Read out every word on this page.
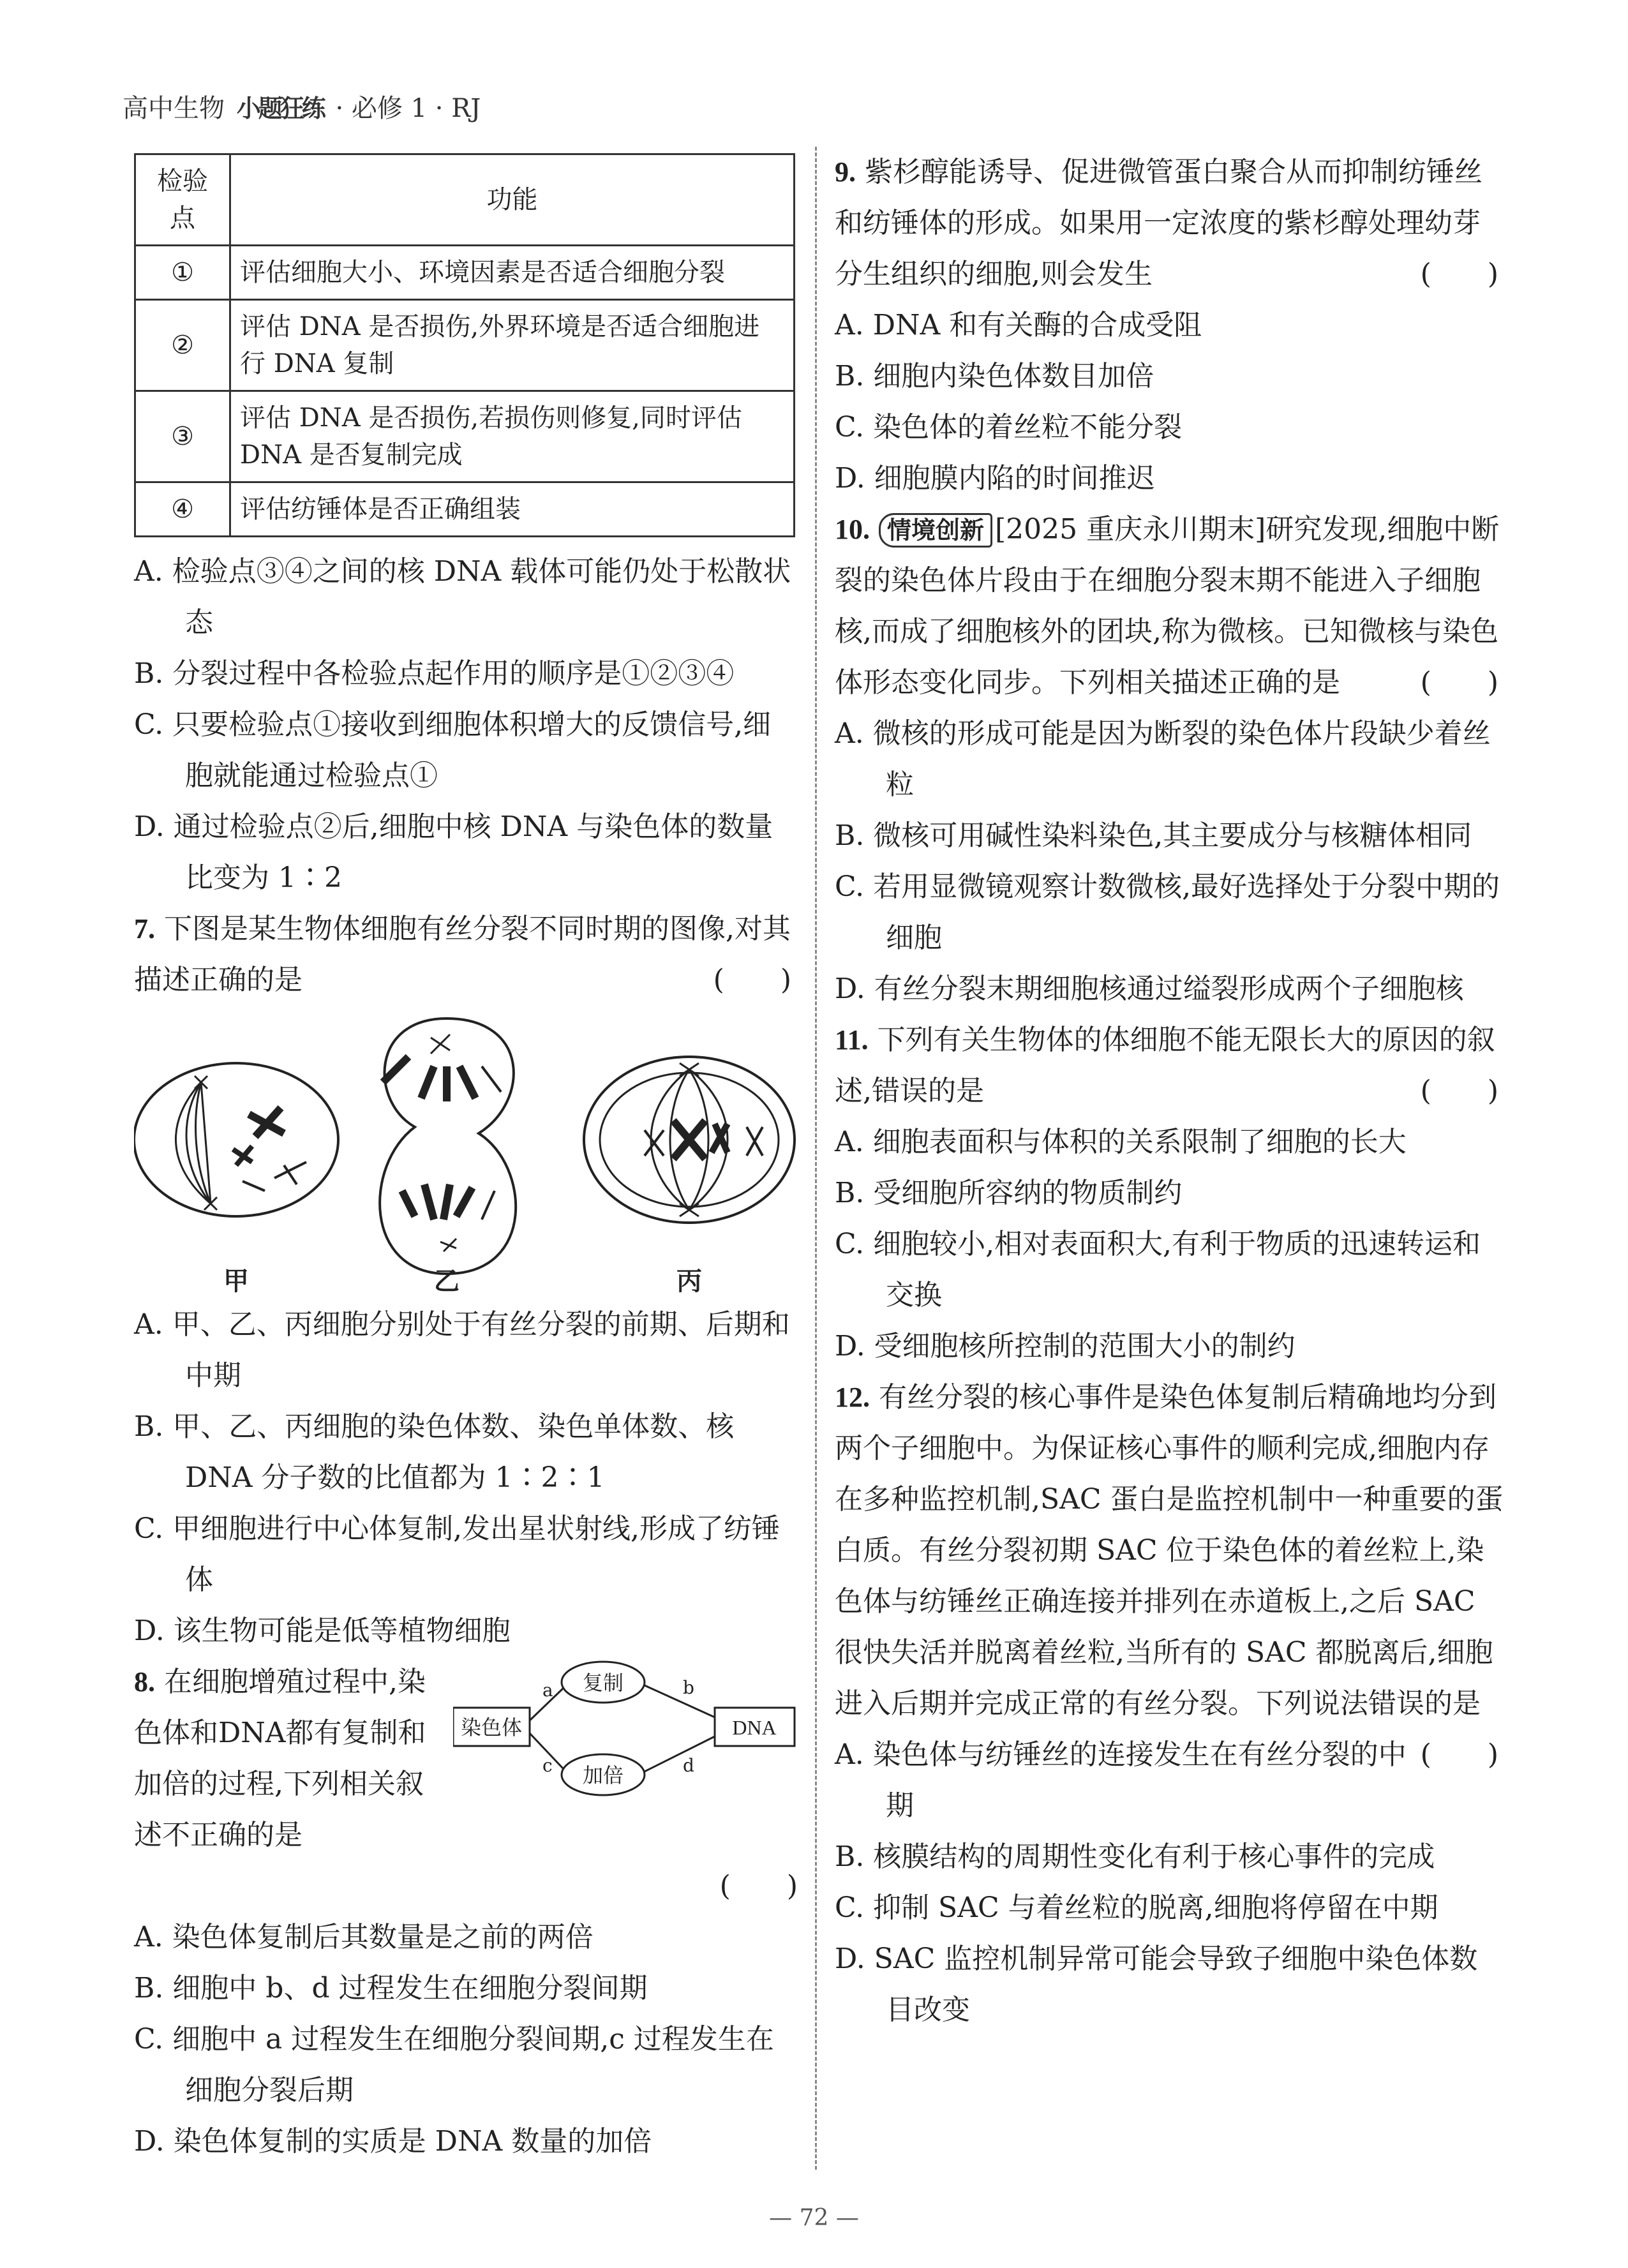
高中生物 小题狂练 · 必修 1 · RJ
检验点	功能
①	评估细胞大小、环境因素是否适合细胞分裂
②	评估 DNA 是否损伤,外界环境是否适合细胞进行 DNA 复制
③	评估 DNA 是否损伤,若损伤则修复,同时评估 DNA 是否复制完成
④	评估纺锤体是否正确组装
A. 检验点③④之间的核 DNA 载体可能仍处于松散状态
B. 分裂过程中各检验点起作用的顺序是①②③④
C. 只要检验点①接收到细胞体积增大的反馈信号,细胞就能通过检验点①
D. 通过检验点②后,细胞中核 DNA 与染色体的数量比变为 1∶2
7. 下图是某生物体细胞有丝分裂不同时期的图像,对其描述正确的是	(　　)
甲	乙	丙
A. 甲、乙、丙细胞分别处于有丝分裂的前期、后期和中期
B. 甲、乙、丙细胞的染色体数、染色单体数、核 DNA 分子数的比值都为 1∶2∶1
C. 甲细胞进行中心体复制,发出星状射线,形成了纺锤体
D. 该生物可能是低等植物细胞
8. 在细胞增殖过程中,染色体和DNA都有复制和加倍的过程,下列相关叙述不正确的是
染色体
复制
加倍
DNA
a	b
c	d
(　　)
A. 染色体复制后其数量是之前的两倍
B. 细胞中 b、d 过程发生在细胞分裂间期
C. 细胞中 a 过程发生在细胞分裂间期,c 过程发生在细胞分裂后期
D. 染色体复制的实质是 DNA 数量的加倍
9. 紫杉醇能诱导、促进微管蛋白聚合从而抑制纺锤丝和纺锤体的形成。如果用一定浓度的紫杉醇处理幼芽分生组织的细胞,则会发生	(　　)
A. DNA 和有关酶的合成受阻
B. 细胞内染色体数目加倍
C. 染色体的着丝粒不能分裂
D. 细胞膜内陷的时间推迟
10. 情境创新 [2025 重庆永川期末]研究发现,细胞中断裂的染色体片段由于在细胞分裂末期不能进入子细胞核,而成了细胞核外的团块,称为微核。已知微核与染色体形态变化同步。下列相关描述正确的是	(　　)
A. 微核的形成可能是因为断裂的染色体片段缺少着丝粒
B. 微核可用碱性染料染色,其主要成分与核糖体相同
C. 若用显微镜观察计数微核,最好选择处于分裂中期的细胞
D. 有丝分裂末期细胞核通过缢裂形成两个子细胞核
11. 下列有关生物体的体细胞不能无限长大的原因的叙述,错误的是	(　　)
A. 细胞表面积与体积的关系限制了细胞的长大
B. 受细胞所容纳的物质制约
C. 细胞较小,相对表面积大,有利于物质的迅速转运和交换
D. 受细胞核所控制的范围大小的制约
12. 有丝分裂的核心事件是染色体复制后精确地均分到两个子细胞中。为保证核心事件的顺利完成,细胞内存在多种监控机制,SAC 蛋白是监控机制中一种重要的蛋白质。有丝分裂初期 SAC 位于染色体的着丝粒上,染色体与纺锤丝正确连接并排列在赤道板上,之后 SAC 很快失活并脱离着丝粒,当所有的 SAC 都脱离后,细胞进入后期并完成正常的有丝分裂。下列说法错误的是
(　　)
A. 染色体与纺锤丝的连接发生在有丝分裂的中期
B. 核膜结构的周期性变化有利于核心事件的完成
C. 抑制 SAC 与着丝粒的脱离,细胞将停留在中期
D. SAC 监控机制异常可能会导致子细胞中染色体数目改变
— 72 —
